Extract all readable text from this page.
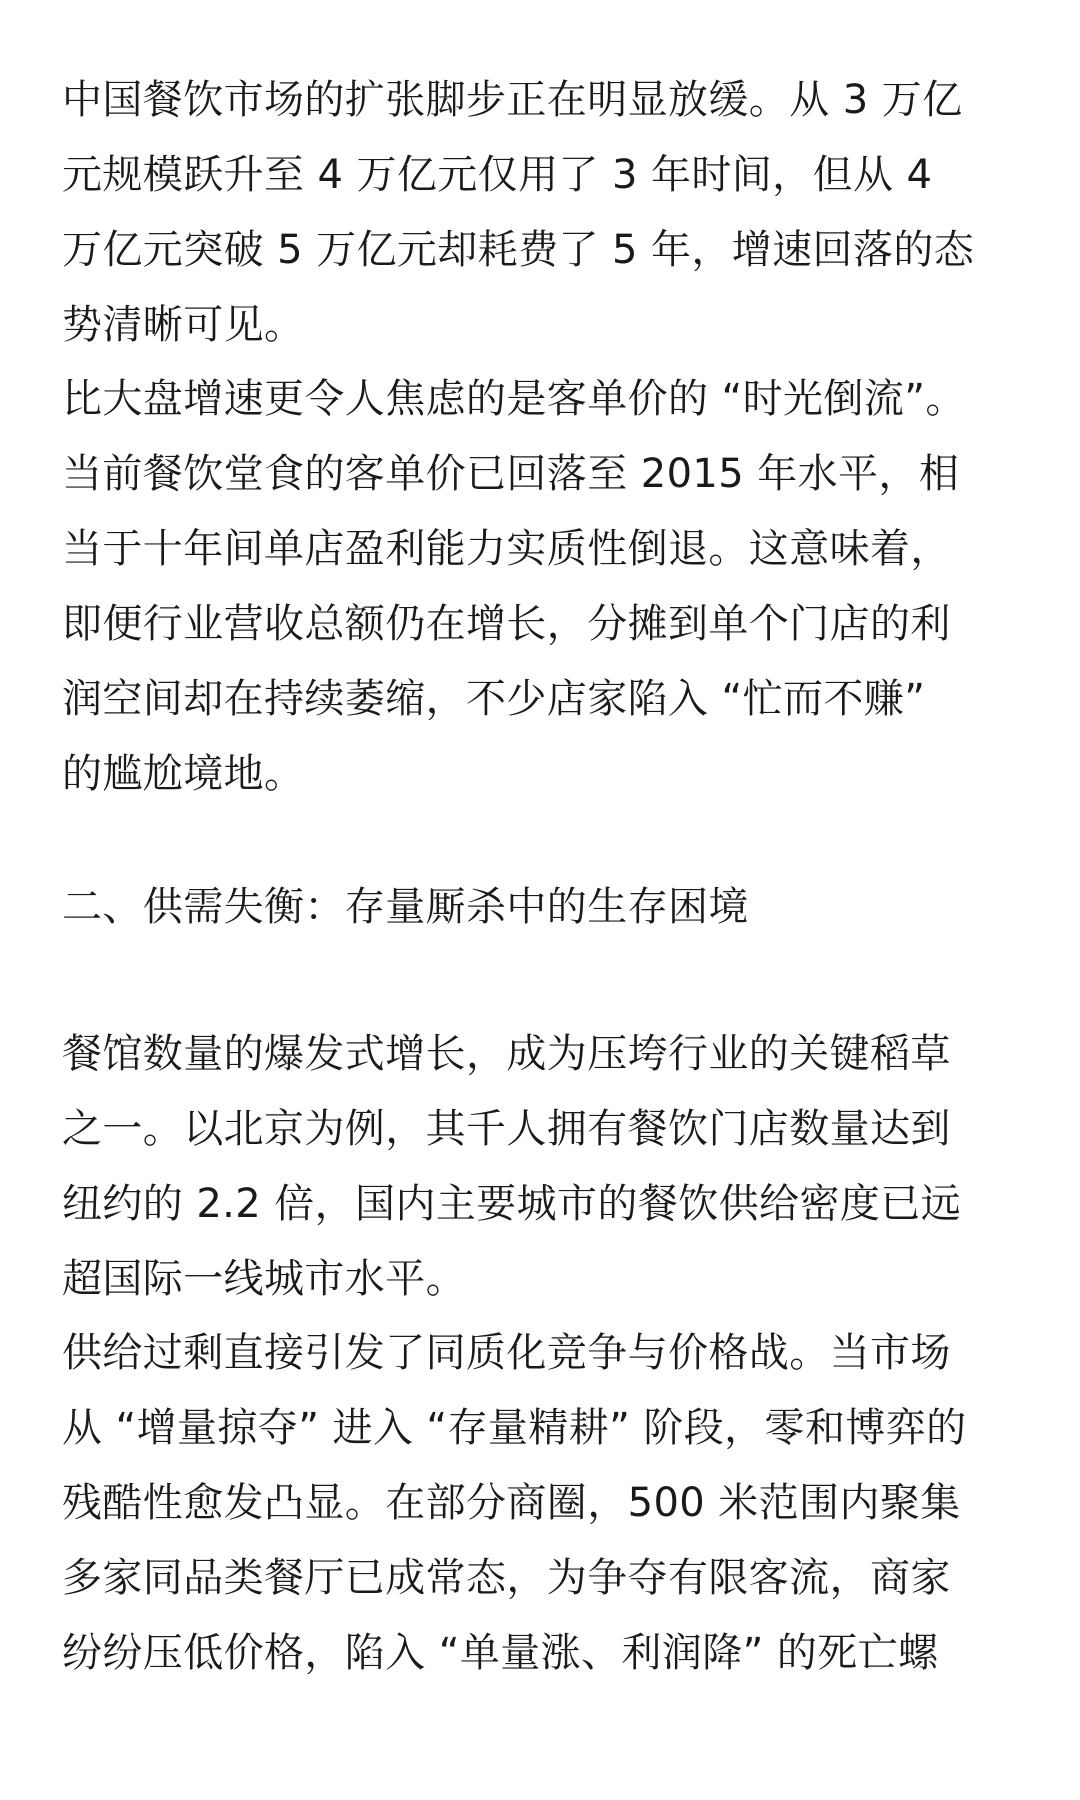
中国餐饮市场的扩张脚步正在明显放缓。从 3 万亿
元规模跃升至 4 万亿元仅用了 3 年时间，但从 4
万亿元突破 5 万亿元却耗费了 5 年，增速回落的态
势清晰可见。
比大盘增速更令人焦虑的是客单价的 “时光倒流”。
当前餐饮堂食的客单价已回落至 2015 年水平，相
当于十年间单店盈利能力实质性倒退。这意味着，
即便行业营收总额仍在增长，分摊到单个门店的利
润空间却在持续萎缩，不少店家陷入 “忙而不赚”
的尴尬境地。
二、供需失衡：存量厮杀中的生存困境
餐馆数量的爆发式增长，成为压垮行业的关键稻草
之一。以北京为例，其千人拥有餐饮门店数量达到
纽约的 2.2 倍，国内主要城市的餐饮供给密度已远
超国际一线城市水平。
供给过剩直接引发了同质化竞争与价格战。当市场
从 “增量掠夺” 进入 “存量精耕” 阶段，零和博弈的
残酷性愈发凸显。在部分商圈，500 米范围内聚集
多家同品类餐厅已成常态，为争夺有限客流，商家
纷纷压低价格，陷入 “单量涨、利润降” 的死亡螺
